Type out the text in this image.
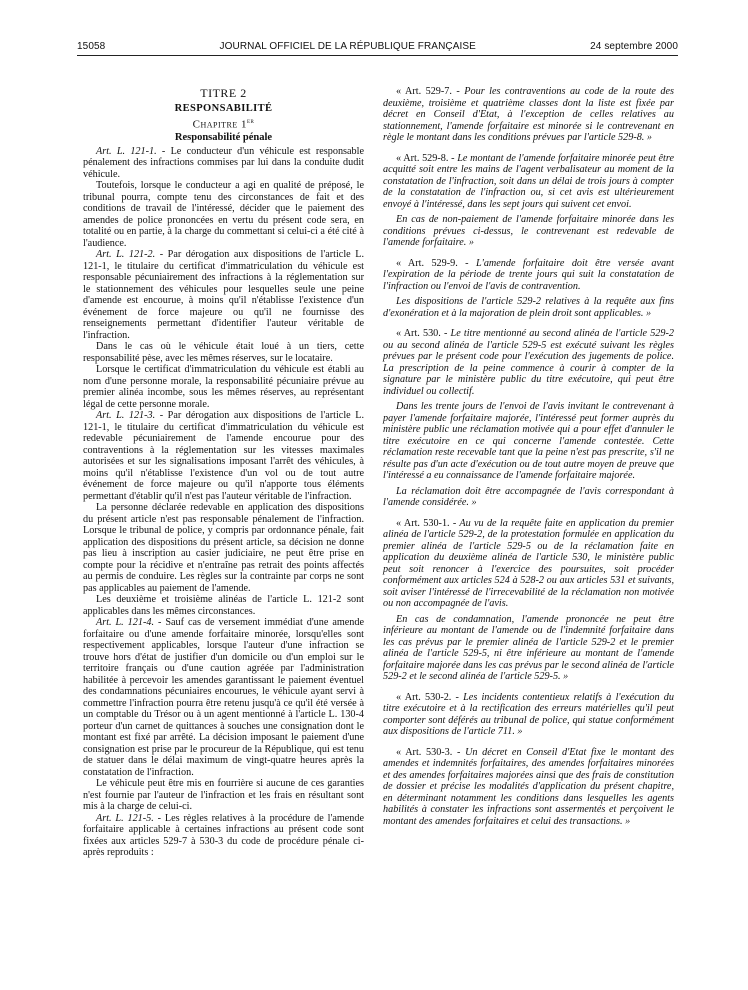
15058	JOURNAL OFFICIEL DE LA RÉPUBLIQUE FRANÇAISE	24 septembre 2000
TITRE 2
RESPONSABILITÉ
Chapitre 1er
Responsabilité pénale

Art. L. 121-1. - Le conducteur d'un véhicule est responsable pénalement des infractions commises par lui dans la conduite dudit véhicule.

Toutefois, lorsque le conducteur a agi en qualité de préposé, le tribunal pourra, compte tenu des circonstances de fait et des conditions de travail de l'intéressé, décider que le paiement des amendes de police prononcées en vertu du présent code sera, en totalité ou en partie, à la charge du commettant si celui-ci a été cité à l'audience.

Art. L. 121-2. - Par dérogation aux dispositions de l'article L. 121-1, le titulaire du certificat d'immatriculation du véhicule est responsable pécuniairement des infractions à la réglementation sur le stationnement des véhicules pour lesquelles seule une peine d'amende est encourue, à moins qu'il n'établisse l'existence d'un événement de force majeure ou qu'il ne fournisse des renseignements permettant d'identifier l'auteur véritable de l'infraction.

Dans le cas où le véhicule était loué à un tiers, cette responsabilité pèse, avec les mêmes réserves, sur le locataire.

Lorsque le certificat d'immatriculation du véhicule est établi au nom d'une personne morale, la responsabilité pécuniaire prévue au premier alinéa incombe, sous les mêmes réserves, au représentant légal de cette personne morale.

Art. L. 121-3. - Par dérogation aux dispositions de l'article L. 121-1, le titulaire du certificat d'immatriculation du véhicule est redevable pécuniairement de l'amende encourue pour des contraventions à la réglementation sur les vitesses maximales autorisées et sur les signalisations imposant l'arrêt des véhicules, à moins qu'il n'établisse l'existence d'un vol ou de tout autre événement de force majeure ou qu'il n'apporte tous éléments permettant d'établir qu'il n'est pas l'auteur véritable de l'infraction.

La personne déclarée redevable en application des dispositions du présent article n'est pas responsable pénalement de l'infraction. Lorsque le tribunal de police, y compris par ordonnance pénale, fait application des dispositions du présent article, sa décision ne donne pas lieu à inscription au casier judiciaire, ne peut être prise en compte pour la récidive et n'entraîne pas retrait des points affectés au permis de conduire. Les règles sur la contrainte par corps ne sont pas applicables au paiement de l'amende.

Les deuxième et troisième alinéas de l'article L. 121-2 sont applicables dans les mêmes circonstances.

Art. L. 121-4. - Sauf cas de versement immédiat d'une amende forfaitaire ou d'une amende forfaitaire minorée, lorsqu'elles sont respectivement applicables, lorsque l'auteur d'une infraction se trouve hors d'état de justifier d'un domicile ou d'un emploi sur le territoire français ou d'une caution agréée par l'administration habilitée à percevoir les amendes garantissant le paiement éventuel des condamnations pécuniaires encourues, le véhicule ayant servi à commettre l'infraction pourra être retenu jusqu'à ce qu'il été versée à un comptable du Trésor ou à un agent mentionné à l'article L. 130-4 porteur d'un carnet de quittances à souches une consignation dont le montant est fixé par arrêté. La décision imposant le paiement d'une consignation est prise par le procureur de la République, qui est tenu de statuer dans le délai maximum de vingt-quatre heures après la constatation de l'infraction.

Le véhicule peut être mis en fourrière si aucune de ces garanties n'est fournie par l'auteur de l'infraction et les frais en résultant sont mis à la charge de celui-ci.

Art. L. 121-5. - Les règles relatives à la procédure de l'amende forfaitaire applicable à certaines infractions au présent code sont fixées aux articles 529-7 à 530-3 du code de procédure pénale ci-après reproduits :

« Art. 529-7. - Pour les contraventions au code de la route des deuxième, troisième et quatrième classes dont la liste est fixée par décret en Conseil d'Etat, à l'exception de celles relatives au stationnement, l'amende forfaitaire est minorée si le contrevenant en règle le montant dans les conditions prévues par l'article 529-8. »

« Art. 529-8. - Le montant de l'amende forfaitaire minorée peut être acquitté soit entre les mains de l'agent verbalisateur au moment de la constatation de l'infraction, soit dans un délai de trois jours à compter de la constatation de l'infraction ou, si cet avis est ultérieurement envoyé à l'intéressé, dans les sept jours qui suivent cet envoi.

En cas de non-paiement de l'amende forfaitaire minorée dans les conditions prévues ci-dessus, le contrevenant est redevable de l'amende forfaitaire. »

« Art. 529-9. - L'amende forfaitaire doit être versée avant l'expiration de la période de trente jours qui suit la constatation de l'infraction ou l'envoi de l'avis de contravention.

Les dispositions de l'article 529-2 relatives à la requête aux fins d'exonération et à la majoration de plein droit sont applicables. »

« Art. 530. - Le titre mentionné au second alinéa de l'article 529-2 ou au second alinéa de l'article 529-5 est exécuté suivant les règles prévues par le présent code pour l'exécution des jugements de police. La prescription de la peine commence à courir à compter de la signature par le ministère public du titre exécutoire, qui peut être individuel ou collectif.

Dans les trente jours de l'envoi de l'avis invitant le contrevenant à payer l'amende forfaitaire majorée, l'intéressé peut former auprès du ministère public une réclamation motivée qui a pour effet d'annuler le titre exécutoire en ce qui concerne l'amende contestée. Cette réclamation reste recevable tant que la peine n'est pas prescrite, s'il ne résulte pas d'un acte d'exécution ou de tout autre moyen de preuve que l'intéressé a eu connaissance de l'amende forfaitaire majorée.

La réclamation doit être accompagnée de l'avis correspondant à l'amende considérée. »

« Art. 530-1. - Au vu de la requête faite en application du premier alinéa de l'article 529-2, de la protestation formulée en application du premier alinéa de l'article 529-5 ou de la réclamation faite en application du deuxième alinéa de l'article 530, le ministère public peut soit renoncer à l'exercice des poursuites, soit procéder conformément aux articles 524 à 528-2 ou aux articles 531 et suivants, soit aviser l'intéressé de l'irrecevabilité de la réclamation non motivée ou non accompagnée de l'avis.

En cas de condamnation, l'amende prononcée ne peut être inférieure au montant de l'amende ou de l'indemnité forfaitaire dans les cas prévus par le premier alinéa de l'article 529-2 et le premier alinéa de l'article 529-5, ni être inférieure au montant de l'amende forfaitaire majorée dans les cas prévus par le second alinéa de l'article 529-2 et le second alinéa de l'article 529-5. »

« Art. 530-2. - Les incidents contentieux relatifs à l'exécution du titre exécutoire et à la rectification des erreurs matérielles qu'il peut comporter sont déférés au tribunal de police, qui statue conformément aux dispositions de l'article 711. »

« Art. 530-3. - Un décret en Conseil d'Etat fixe le montant des amendes et indemnités forfaitaires, des amendes forfaitaires minorées et des amendes forfaitaires majorées ainsi que des frais de constitution de dossier et précise les modalités d'application du présent chapitre, en déterminant notamment les conditions dans lesquelles les agents habilités à constater les infractions sont assermentés et perçoivent le montant des amendes forfaitaires et celui des transactions. »
